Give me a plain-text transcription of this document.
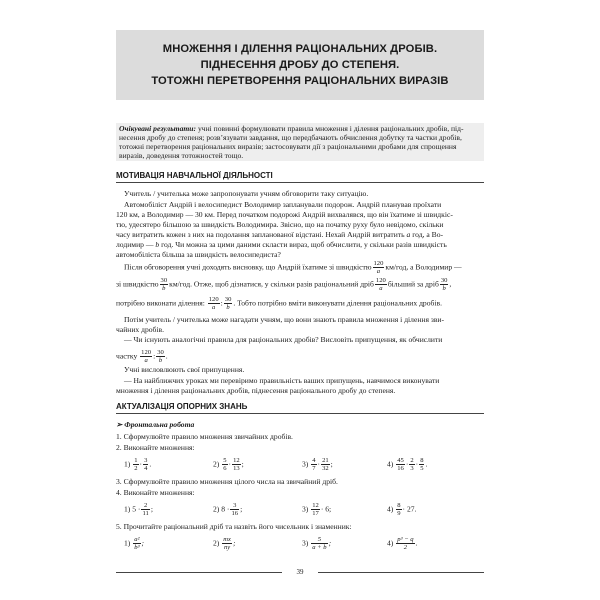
МНОЖЕННЯ І ДІЛЕННЯ РАЦІОНАЛЬНИХ ДРОБІВ.
ПІДНЕСЕННЯ ДРОБУ ДО СТЕПЕНЯ.
ТОТОЖНІ ПЕРЕТВОРЕННЯ РАЦІОНАЛЬНИХ ВИРАЗІВ
Очікувані результати: учні повинні формулювати правила множення і ділення раціональних дробів, під-
несення дробу до степеня; розв’язувати завдання, що передбачають обчислення добутку та частки дробів,
тотожні перетворення раціональних виразів; застосовувати дії з раціональними дробами для спрощення
виразів, доведення тотожностей тощо.
МОТИВАЦІЯ НАВЧАЛЬНОЇ ДІЯЛЬНОСТІ
Учитель / учителька може запропонувати учням обговорити таку ситуацію.
Автомобіліст Андрій і велосипедист Володимир запланували подорож. Андрій планував проїхати
120 км, а Володимир — 30 км. Перед початком подорожі Андрій вихвалявся, що він їхатиме зі швидкіс-
тю, удесятеро більшою за швидкість Володимира. Звісно, що на початку руху було невідомо, скільки
часу витратить кожен з них на подолання запланованої відстані. Нехай Андрій витратить a год, а Во-
лодимир — b год. Чи можна за цими даними скласти вираз, щоб обчислити, у скільки разів швидкість
автомобіліста більша за швидкість велосипедиста?
Після обговорення учні доходять висновку, що Андрій їхатиме зі швидкістю $\frac{120}{a} км/год$, а Володимир —
зі швидкістю $\frac{30}{b} км/год$. Отже, щоб дізнатися, у скільки разів раціональний дріб $\frac{120}{a}$ більший за дріб $\frac{30}{b}$ ,
потрібно виконати ділення: $\frac{120}{a}$ : $\frac{30}{b}$ . Тобто потрібно вміти виконувати ділення раціональних дробів.
Потім учитель / учителька може нагадати учням, що вони знають правила множення і ділення зви-
чайних дробів.
— Чи існують аналогічні правила для раціональних дробів? Висловіть припущення, як обчислити
частку $\frac{120}{a}$ : $\frac{30}{b}$ .
Учні висловлюють свої припущення.
— На найближчих уроках ми перевіримо правильність ваших припущень, навчимося виконувати
множення і ділення раціональних дробів, піднесення раціонального дробу до степеня.
АКТУАЛІЗАЦІЯ ОПОРНИХ ЗНАНЬ
➢ Фронтальна робота
1. Сформулюйте правило множення звичайних дробів.
2. Виконайте множення:
$1) \frac{1}{2} \cdot \frac{3}{4}$ .	$2) \frac{5}{6} \cdot \frac{12}{13}$ ;	$3) \frac{4}{7} \cdot \frac{21}{32}$ ;	$4) \frac{45}{16} \cdot \frac{2}{3} \cdot \frac{8}{5}$ .
3. Сформулюйте правило множення цілого числа на звичайний дріб.
4. Виконайте множення:
1) $5 \cdot \frac{2}{11}$ ;	2) $8 \cdot \frac{3}{16}$ ;	$3) \frac{12}{17} \cdot 6$;	$4) \frac{8}{9} \cdot 27$.
5. Прочитайте раціональний дріб та назвіть його чисельник і знаменник:
$1) \frac{\text{a²}}{\text{b³}}$ ;	$2) \frac{mx}{ny}$ ;	$3) \frac{5}{a + b}$ ;	$4) \frac{\text{p³ − q}}{2}$ .
39
